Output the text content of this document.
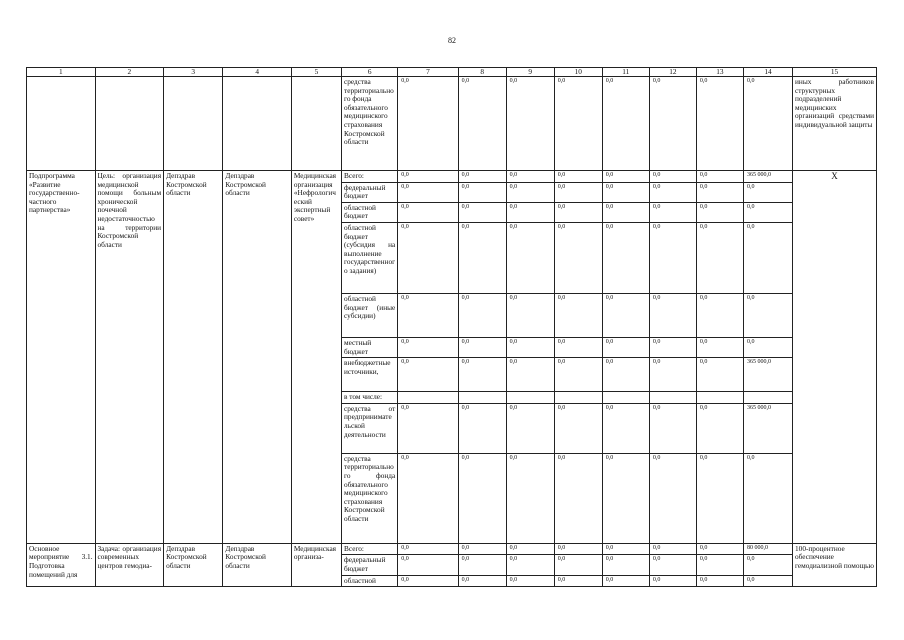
82
1	2	3	4	5	6	7	8	9	10	11	12	13	14	15
					средства территориального фонда обязательного медицинского страхования Костромской области	0,0	0,0	0,0	0,0	0,0	0,0	0,0	0,0	иных работников структурных подразделений медицинских организаций средствами индивидуальной защиты
Подпрограмма «Развитие государственно-частного партнерства»	Цель: организация медицинской помощи больным хронической почечной недостаточностью на территории Костромской области	Депздрав Костромской области	Депздрав Костромской области	Медицинская организация «Нефрологический экспертный совет»	Всего:	0,0	0,0	0,0	0,0	0,0	0,0	0,0	365 000,0	Х
					федеральный бюджет	0,0	0,0	0,0	0,0	0,0	0,0	0,0	0,0	
					областной бюджет	0,0	0,0	0,0	0,0	0,0	0,0	0,0	0,0	
					областной бюджет (субсидия на выполнение государственного задания)	0,0	0,0	0,0	0,0	0,0	0,0	0,0	0,0	
					областной бюджет (иные субсидии)	0,0	0,0	0,0	0,0	0,0	0,0	0,0	0,0	
					местный бюджет	0,0	0,0	0,0	0,0	0,0	0,0	0,0	0,0	
					внебюджетные источники,	0,0	0,0	0,0	0,0	0,0	0,0	0,0	365 000,0	
					в том числе:									
					средства от предпринимательской деятельности	0,0	0,0	0,0	0,0	0,0	0,0	0,0	365 000,0	
					средства территориального фонда обязательного медицинского страхования Костромской области	0,0	0,0	0,0	0,0	0,0	0,0	0,0	0,0	
Основное мероприятие 3.1. Подготовка помещений для	Задача: организация современных центров гемодиа-	Депздрав Костромской области	Депздрав Костромской области	Медицинская организа-	Всего:	0,0	0,0	0,0	0,0	0,0	0,0	0,0	80 000,0	100-процентное обеспечение гемодиализной помощью
					федеральный бюджет	0,0	0,0	0,0	0,0	0,0	0,0	0,0	0,0	
					областной	0,0	0,0	0,0	0,0	0,0	0,0	0,0	0,0	
